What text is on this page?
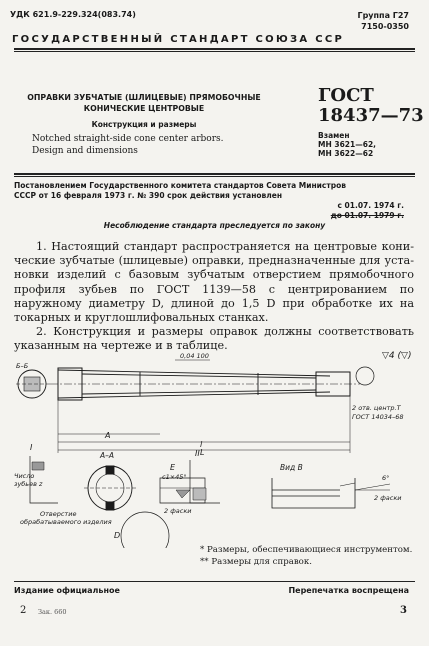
УДК 621.9-229.324(083.74)	Группа Г27
7150-0350
ГОСУДАРСТВЕННЫЙ СТАНДАРТ СОЮЗА ССР
ОПРАВКИ ЗУБЧАТЫЕ (ШЛИЦЕВЫЕ) ПРЯМОБОЧНЫЕ
КОНИЧЕСКИЕ ЦЕНТРОВЫЕ
Конструкция и размеры
Notched straight-side cone center arbors.
Design and dimensions
ГОСТ
18437—73
Взамен
МН 3621—62,
МН 3622—62
Постановлением Государственного комитета стандартов Совета Министров
СССР от 16 февраля 1973 г. № 390 срок действия установлен
с 01.07. 1974 г.
до 01.07. 1979 г.
Несоблюдение стандарта преследуется по закону

1. Настоящий стандарт распространяется на центровые конические зубчатые (шлицевые) оправки, предназначенные для установки изделий с базовым зубчатым отверстием прямобочного профиля зубьев по ГОСТ 1139—58 с центрированием по наружному диаметру D, длиной до 1,5 D при обработке их на токарных и круглошлифовальных станках.

2. Конструкция и размеры оправок должны соответствовать указанным на чертеже и в таблице.

Б–Б
▽4 (▽)
0,04 100
2 отв. центр.Т
ГОСТ 14034–68
L
l
A
I
II
А–А
E
c1×45°
2 фаски
Вид В
6°
2 фаски
Число
зубьев z
Отверстие
обрабатываемого изделия
D
* Размеры, обеспечивающиеся инструментом.
** Размеры для справок.
Издание официальное	Перепечатка воспрещена
2 Зак. 660	3
